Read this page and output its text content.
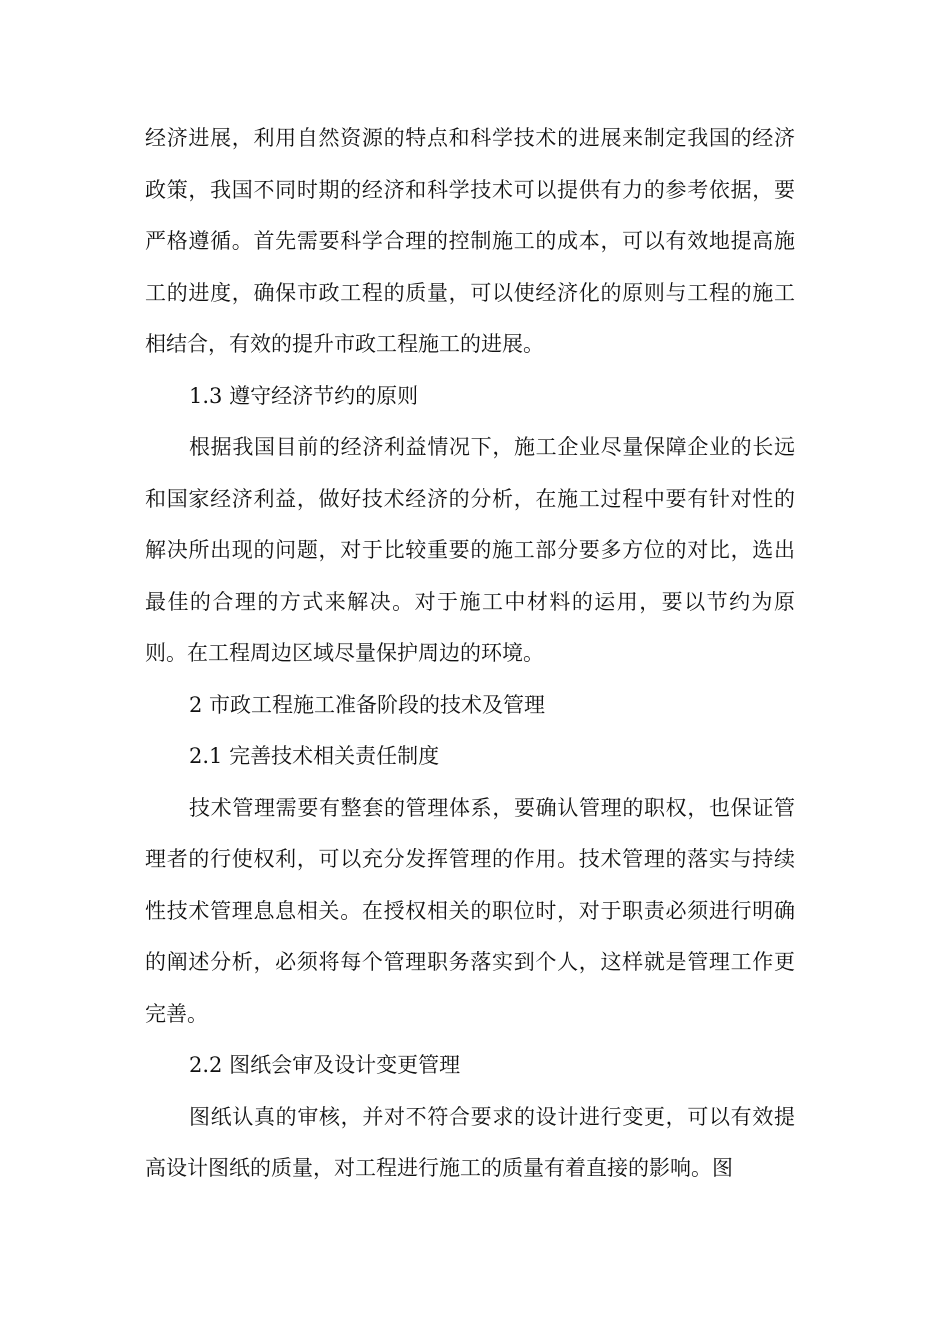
经济进展，利用自然资源的特点和科学技术的进展来制定我国的经济政策，我国不同时期的经济和科学技术可以提供有力的参考依据，要严格遵循。首先需要科学合理的控制施工的成本，可以有效地提高施工的进度，确保市政工程的质量，可以使经济化的原则与工程的施工相结合，有效的提升市政工程施工的进展。

1.3 遵守经济节约的原则

根据我国目前的经济利益情况下，施工企业尽量保障企业的长远和国家经济利益，做好技术经济的分析，在施工过程中要有针对性的解决所出现的问题，对于比较重要的施工部分要多方位的对比，选出最佳的合理的方式来解决。对于施工中材料的运用，要以节约为原则。在工程周边区域尽量保护周边的环境。

2 市政工程施工准备阶段的技术及管理

2.1 完善技术相关责任制度

技术管理需要有整套的管理体系，要确认管理的职权，也保证管理者的行使权利，可以充分发挥管理的作用。技术管理的落实与持续性技术管理息息相关。在授权相关的职位时，对于职责必须进行明确的阐述分析，必须将每个管理职务落实到个人，这样就是管理工作更完善。

2.2 图纸会审及设计变更管理

图纸认真的审核，并对不符合要求的设计进行变更，可以有效提高设计图纸的质量，对工程进行施工的质量有着直接的影响。图
